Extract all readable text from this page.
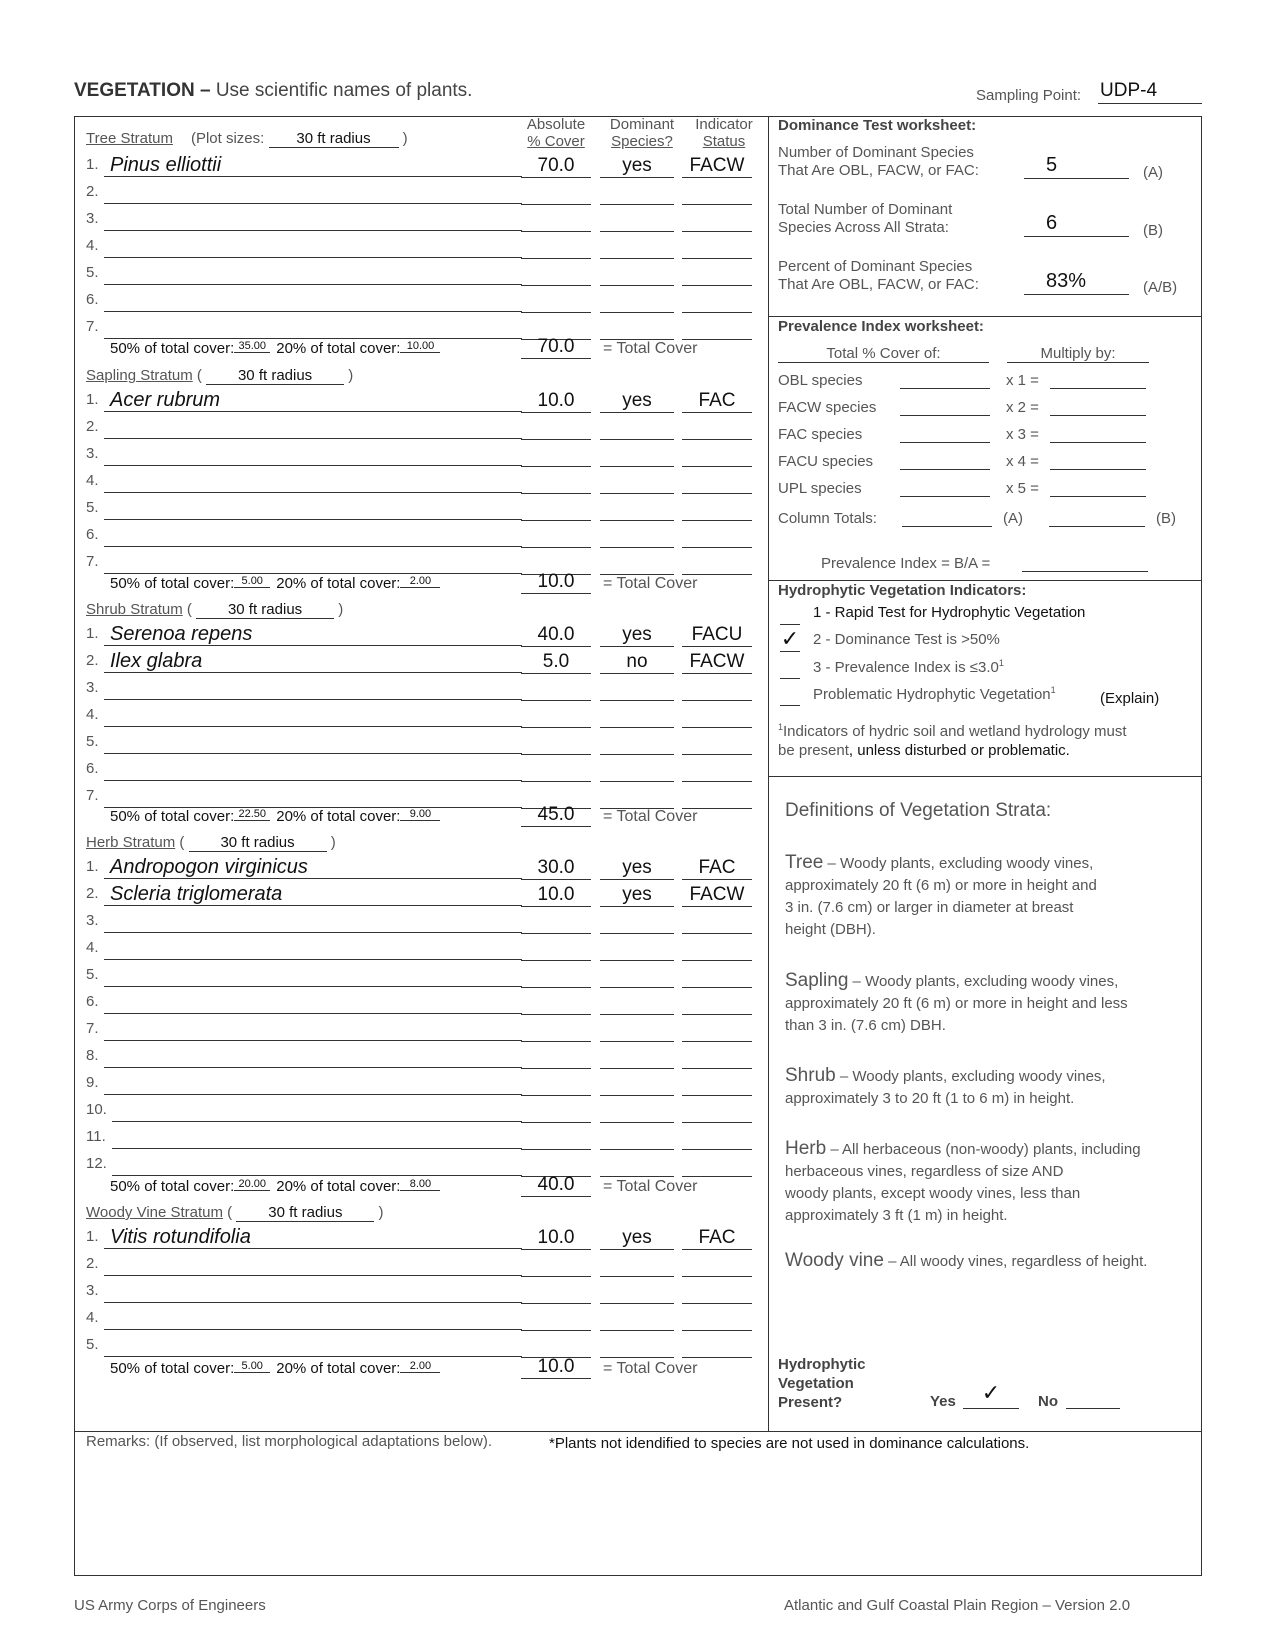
VEGETATION – Use scientific names of plants.	Sampling Point: UDP-4
Absolute
% Cover
Dominant
Species?
Indicator
Status
Tree Stratum (Plot sizes: 30 ft radius )
1. Pinus elliottii	70.0	yes	FACW
2.
3.
4.
5.
6.
7.
50% of total cover: 35.00 20% of total cover: 10.00	70.0	= Total Cover
Sapling Stratum ( 30 ft radius )
1. Acer rubrum	10.0	yes	FAC
2.
3.
4.
5.
6.
7.
50% of total cover: 5.00 20% of total cover: 2.00	10.0	= Total Cover
Shrub Stratum ( 30 ft radius )
1. Serenoa repens	40.0	yes	FACU
2. Ilex glabra	5.0	no	FACW
3.
4.
5.
6.
7.
50% of total cover: 22.50 20% of total cover: 9.00	45.0	= Total Cover
Herb Stratum ( 30 ft radius )
1. Andropogon virginicus	30.0	yes	FAC
2. Scleria triglomerata	10.0	yes	FACW
3.
4.
5.
6.
7.
8.
9.
10.
11.
12.
50% of total cover: 20.00 20% of total cover: 8.00	40.0	= Total Cover
Woody Vine Stratum ( 30 ft radius )
1. Vitis rotundifolia	10.0	yes	FAC
2.
3.
4.
5.
50% of total cover: 5.00 20% of total cover: 2.00	10.0	= Total Cover
Dominance Test worksheet:
Number of Dominant Species
That Are OBL, FACW, or FAC:	5	(A)
Total Number of Dominant
Species Across All Strata:	6	(B)
Percent of Dominant Species
That Are OBL, FACW, or FAC:	83%	(A/B)
Prevalence Index worksheet:
Total % Cover of:	Multiply by:
OBL species	x 1 =
FACW species	x 2 =
FAC species	x 3 =
FACU species	x 4 =
UPL species	x 5 =
Column Totals:	(A)	(B)
Prevalence Index = B/A =
Hydrophytic Vegetation Indicators:
1 - Rapid Test for Hydrophytic Vegetation
✓ 2 - Dominance Test is >50%
3 - Prevalence Index is $\le 3.0^1$
Problematic Hydrophytic Vegetation$^1$	(Explain)
$^1$Indicators of hydric soil and wetland hydrology must
be present, unless disturbed or problematic.
Definitions of Vegetation Strata:
Tree – Woody plants, excluding woody vines,
approximately 20 ft (6 m) or more in height and
3 in. (7.6 cm) or larger in diameter at breast
height (DBH).
Sapling – Woody plants, excluding woody vines,
approximately 20 ft (6 m) or more in height and less
than 3 in. (7.6 cm) DBH.
Shrub – Woody plants, excluding woody vines,
approximately 3 to 20 ft (1 to 6 m) in height.
Herb – All herbaceous (non-woody) plants, including
herbaceous vines, regardless of size AND
woody plants, except woody vines, less than
approximately 3 ft (1 m) in height.
Woody vine – All woody vines, regardless of height.
Hydrophytic
Vegetation
Present?	Yes	✓	No
Remarks: (If observed, list morphological adaptations below).	*Plants not idendified to species are not used in dominance calculations.
US Army Corps of Engineers	Atlantic and Gulf Coastal Plain Region – Version 2.0
